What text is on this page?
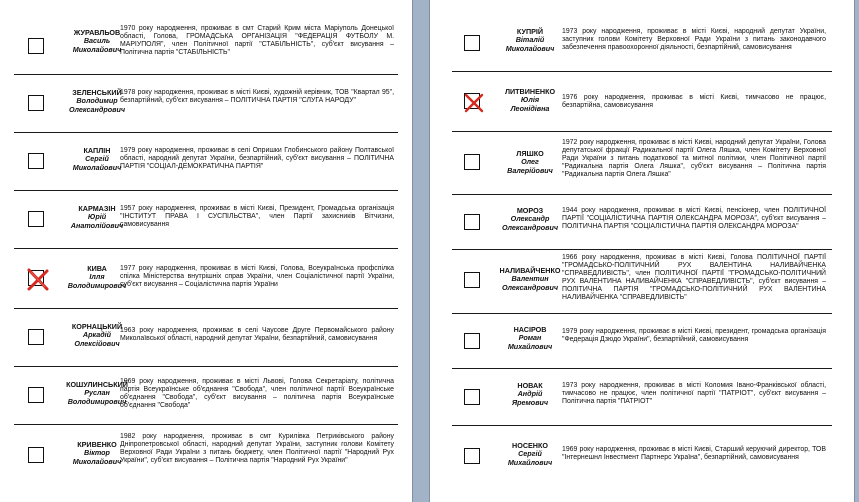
ЖУРАВЛЬОВ
Василь
Миколайович
1970 року народження, проживає в смт Старий Крим міста Маріуполь Донецької області, Голова, ГРОМАДСЬКА ОРГАНІЗАЦІЯ "ФЕДЕРАЦІЯ ФУТБОЛУ М. МАРІУПОЛЯ", член Політичної партії "СТАБІЛЬНІСТЬ", суб'єкт висування – Політична партія "СТАБІЛЬНІСТЬ"
ЗЕЛЕНСЬКИЙ
Володимир
Олександрович
1978 року народження, проживає в місті Києві, художній керівник, ТОВ "Квартал 95", безпартійний, суб'єкт висування – ПОЛІТИЧНА ПАРТІЯ "СЛУГА НАРОДУ"
КАПЛІН
Сергій
Миколайович
1979 року народження, проживає в селі Опришки Глобинського району Полтавської області, народний депутат України, безпартійний, суб'єкт висування – ПОЛІТИЧНА ПАРТІЯ "СОЦІАЛ-ДЕМОКРАТИЧНА ПАРТІЯ"
КАРМАЗІН
Юрій
Анатолійович
1957 року народження, проживає в місті Києві, Президент, Громадська організація "ІНСТИТУТ ПРАВА І СУСПІЛЬСТВА", член Партії захисників Вітчизни, самовисування
КИВА
Ілля
Володимирович
1977 року народження, проживає в місті Києві, Голова, Всеукраїнська профспілка спілка Міністерства внутрішніх справ України, член Соціалістичної партії України, суб'єкт висування – Соціалістична партія України
КОРНАЦЬКИЙ
Аркадій
Олексійович
1963 року народження, проживає в селі Чаусове Друге Первомайського району Миколаївської області, народний депутат України, безпартійний, самовисування
КОШУЛИНСЬКИЙ
Руслан
Володимирович
1969 року народження, проживає в місті Львові, Голова Секретаріату, політична партія Всеукраїнське об'єднання "Свобода", член політичної партії Всеукраїнське об'єднання "Свобода", суб'єкт висування – політична партія Всеукраїнське об'єднання "Свобода"
КРИВЕНКО
Віктор
Миколайович
1982 року народження, проживає в смт Курилівка Петриківського району Дніпропетровської області, народний депутат України, заступник голови Комітету Верховної Ради України з питань бюджету, член Політичної партії "Народний Рух України", суб'єкт висування – Політична партія "Народний Рух України"
КУПРІЙ
Віталій
Миколайович
1973 року народження, проживає в місті Києві, народний депутат України, заступник голови Комітету Верховної Ради України з питань законодавчого забезпечення правоохоронної діяльності, безпартійний, самовисування
ЛИТВИНЕНКО
Юлія
Леонідівна
1976 року народження, проживає в місті Києві, тимчасово не працює, безпартійна, самовисування
ЛЯШКО
Олег
Валерійович
1972 року народження, проживає в місті Києві, народний депутат України, Голова депутатської фракції Радикальної партії Олега Ляшка, член Комітету Верховної Ради України з питань податкової та митної політики, член Політичної партії "Радикальна партія Олега Ляшка", суб'єкт висування – Політична партія "Радикальна партія Олега Ляшка"
МОРОЗ
Олександр
Олександрович
1944 року народження, проживає в місті Києві, пенсіонер, член ПОЛІТИЧНОЇ ПАРТІЇ "СОЦІАЛІСТИЧНА ПАРТІЯ ОЛЕКСАНДРА МОРОЗА", суб'єкт висування – ПОЛІТИЧНА ПАРТІЯ "СОЦІАЛІСТИЧНА ПАРТІЯ ОЛЕКСАНДРА МОРОЗА"
НАЛИВАЙЧЕНКО
Валентин
Олександрович
1966 року народження, проживає в місті Києві, Голова ПОЛІТИЧНОЇ ПАРТІЇ "ГРОМАДСЬКО-ПОЛІТИЧНИЙ РУХ ВАЛЕНТИНА НАЛИВАЙЧЕНКА "СПРАВЕДЛИВІСТЬ", член ПОЛІТИЧНОЇ ПАРТІЇ "ГРОМАДСЬКО-ПОЛІТИЧНИЙ РУХ ВАЛЕНТИНА НАЛИВАЙЧЕНКА "СПРАВЕДЛИВІСТЬ", суб'єкт висування – ПОЛІТИЧНА ПАРТІЯ "ГРОМАДСЬКО-ПОЛІТИЧНИЙ РУХ ВАЛЕНТИНА НАЛИВАЙЧЕНКА "СПРАВЕДЛИВІСТЬ"
НАСІРОВ
Роман
Михайлович
1979 року народження, проживає в місті Києві, президент, громадська організація "Федерація Дзюдо України", безпартійний, самовисування
НОВАК
Андрій
Яремович
1973 року народження, проживає в місті Коломия Івано-Франківської області, тимчасово не працює, член політичної партії "ПАТРІОТ", суб'єкт висування – Політична партія "ПАТРІОТ"
НОСЕНКО
Сергій
Михайлович
1969 року народження, проживає в місті Києві, Старший керуючий директор, ТОВ "Інтернешнл Інвестмент Партнерс Україна", безпартійний, самовисування
